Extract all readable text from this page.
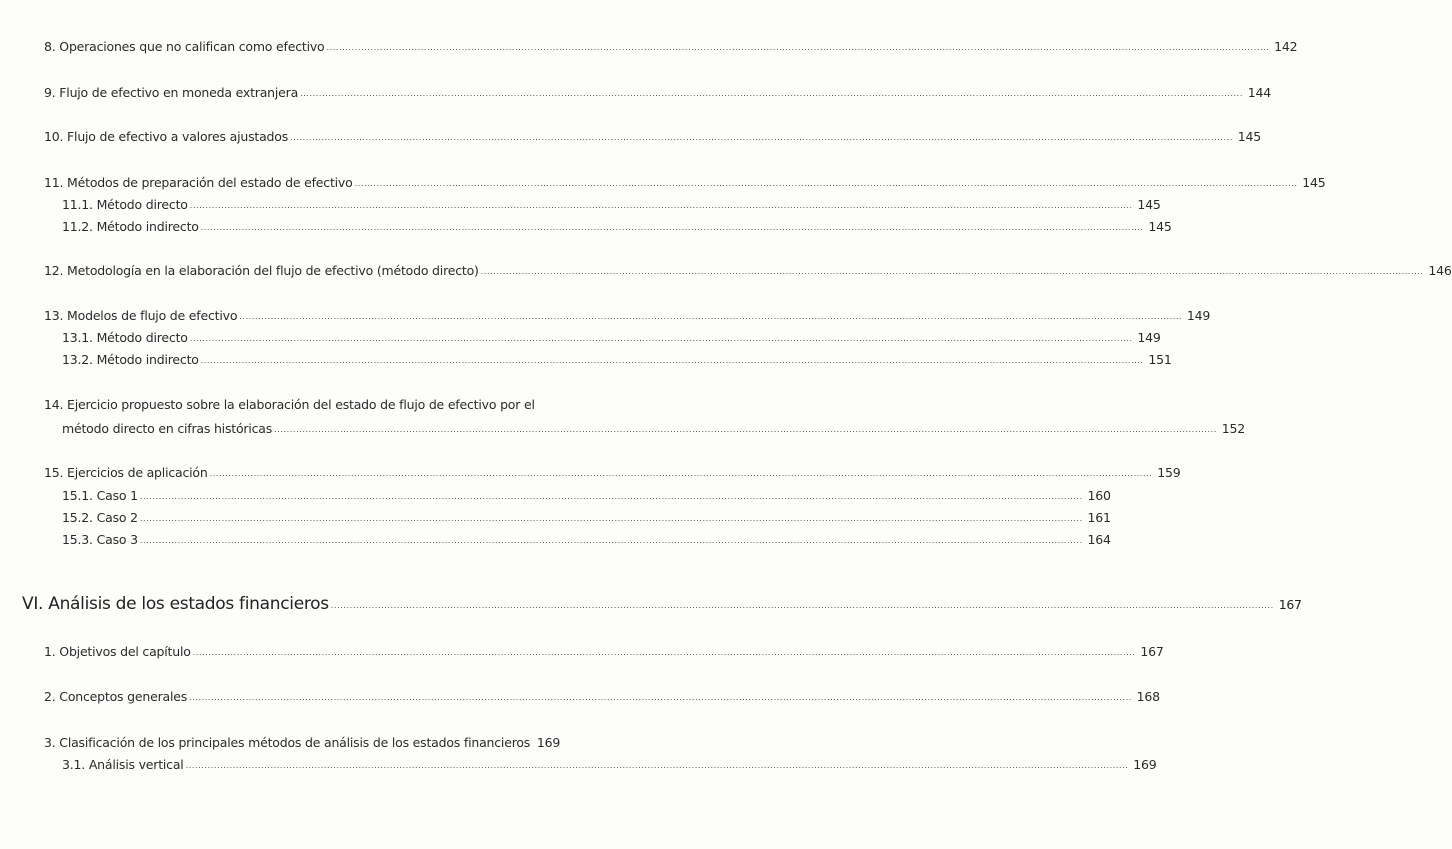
8. Operaciones que no califican como efectivo ............................................................................................................................................................................................................................................................................................................ 142
9. Flujo de efectivo en moneda extranjera ............................................................................................................................................................................................................................................................................................................ 144
10. Flujo de efectivo a valores ajustados ............................................................................................................................................................................................................................................................................................................ 145
11. Métodos de preparación del estado de efectivo ............................................................................................................................................................................................................................................................................................................ 145
11.1. Método directo ............................................................................................................................................................................................................................................................................................................ 145
11.2. Método indirecto ............................................................................................................................................................................................................................................................................................................ 145
12. Metodología en la elaboración del flujo de efectivo (método directo) ............................................................................................................................................................................................................................................................................................................ 146
13. Modelos de flujo de efectivo ............................................................................................................................................................................................................................................................................................................ 149
13.1. Método directo ............................................................................................................................................................................................................................................................................................................ 149
13.2. Método indirecto ............................................................................................................................................................................................................................................................................................................ 151
14. Ejercicio propuesto sobre la elaboración del estado de flujo de efectivo por el
método directo en cifras históricas ............................................................................................................................................................................................................................................................................................................ 152
15. Ejercicios de aplicación ............................................................................................................................................................................................................................................................................................................ 159
15.1. Caso 1 ............................................................................................................................................................................................................................................................................................................ 160
15.2. Caso 2 ............................................................................................................................................................................................................................................................................................................ 161
15.3. Caso 3 ............................................................................................................................................................................................................................................................................................................ 164
VI. Análisis de los estados financieros ............................................................................................................................................................................................................................................................................................................ 167
1. Objetivos del capítulo ............................................................................................................................................................................................................................................................................................................ 167
2. Conceptos generales ............................................................................................................................................................................................................................................................................................................ 168
3. Clasificación de los principales métodos de análisis de los estados financieros 169
3.1. Análisis vertical ............................................................................................................................................................................................................................................................................................................ 169
